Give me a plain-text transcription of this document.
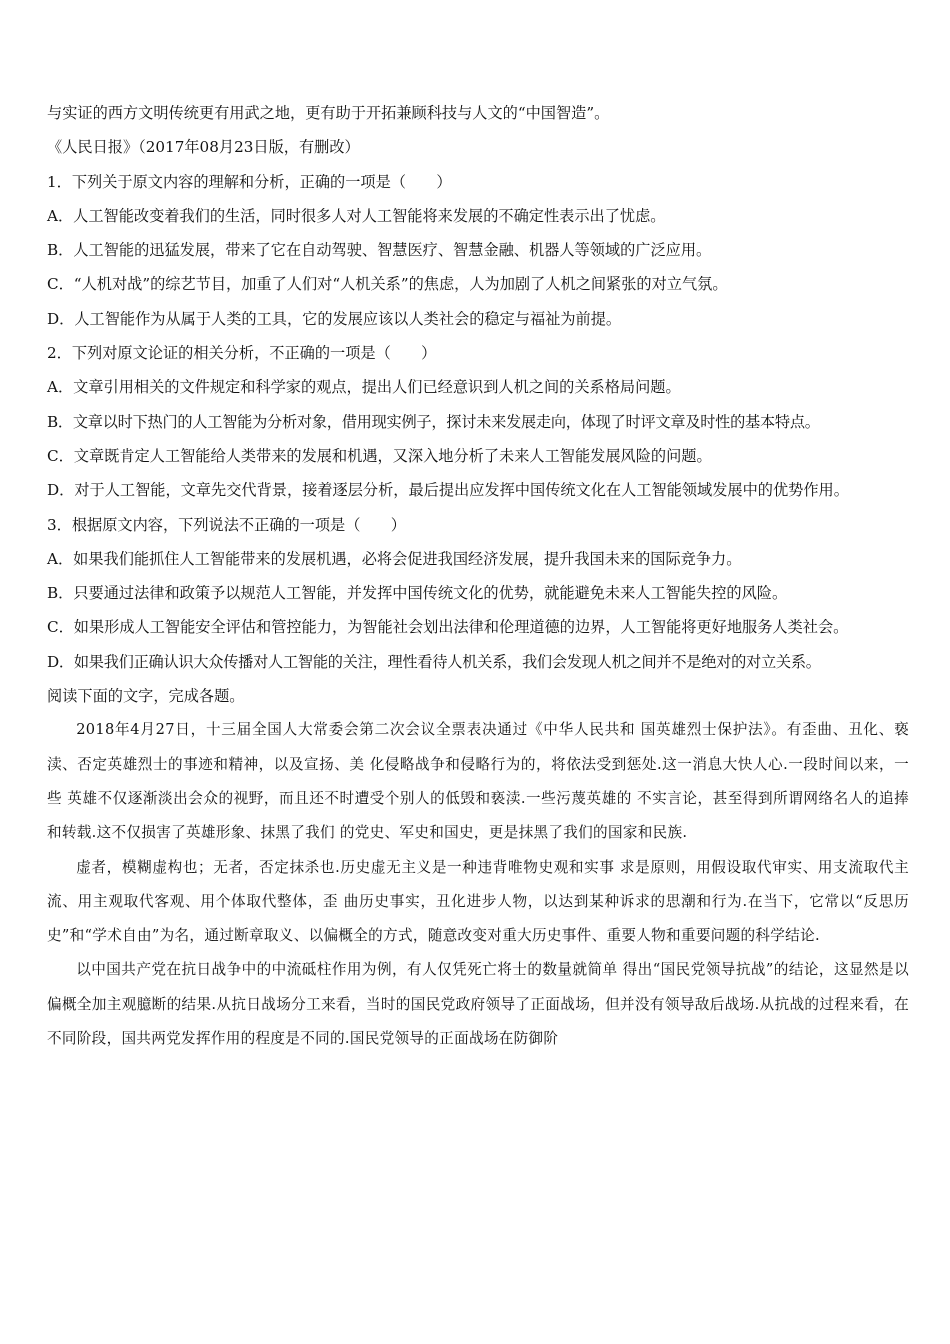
与实证的西方文明传统更有用武之地，更有助于开拓兼顾科技与人文的“中国智造”。
《人民日报》（2017年08月23日版，有删改）
1．下列关于原文内容的理解和分析，正确的一项是（　　）
A．人工智能改变着我们的生活，同时很多人对人工智能将来发展的不确定性表示出了忧虑。
B．人工智能的迅猛发展，带来了它在自动驾驶、智慧医疗、智慧金融、机器人等领域的广泛应用。
C．“人机对战”的综艺节目，加重了人们对“人机关系”的焦虑，人为加剧了人机之间紧张的对立气氛。
D．人工智能作为从属于人类的工具，它的发展应该以人类社会的稳定与福祉为前提。
2．下列对原文论证的相关分析，不正确的一项是（　　）
A．文章引用相关的文件规定和科学家的观点，提出人们已经意识到人机之间的关系格局问题。
B．文章以时下热门的人工智能为分析对象，借用现实例子，探讨未来发展走向，体现了时评文章及时性的基本特点。
C．文章既肯定人工智能给人类带来的发展和机遇，又深入地分析了未来人工智能发展风险的问题。
D．对于人工智能，文章先交代背景，接着逐层分析，最后提出应发挥中国传统文化在人工智能领域发展中的优势作用。
3．根据原文内容，下列说法不正确的一项是（　　）
A．如果我们能抓住人工智能带来的发展机遇，必将会促进我国经济发展，提升我国未来的国际竞争力。
B．只要通过法律和政策予以规范人工智能，并发挥中国传统文化的优势，就能避免未来人工智能失控的风险。
C．如果形成人工智能安全评估和管控能力，为智能社会划出法律和伦理道德的边界，人工智能将更好地服务人类社会。
D．如果我们正确认识大众传播对人工智能的关注，理性看待人机关系，我们会发现人机之间并不是绝对的对立关系。
阅读下面的文字，完成各题。

2018年4月27日，十三届全国人大常委会第二次会议全票表决通过《中华人民共和 国英雄烈士保护法》。有歪曲、丑化、亵渎、否定英雄烈士的事迹和精神，以及宣扬、美 化侵略战争和侵略行为的，将依法受到惩处.这一消息大快人心.一段时间以来，一些 英雄不仅逐渐淡出会众的视野，而且还不时遭受个别人的低毁和亵渎.一些污蔑英雄的 不实言论，甚至得到所谓网络名人的追捧和转载.这不仅损害了英雄形象、抹黑了我们 的党史、军史和国史，更是抹黑了我们的国家和民族.

虚者，模糊虚构也；无者，否定抹杀也.历史虚无主义是一种违背唯物史观和实事 求是原则，用假设取代审实、用支流取代主流、用主观取代客观、用个体取代整体，歪 曲历史事实，丑化进步人物，以达到某种诉求的思潮和行为.在当下，它常以“反思历 史”和“学术自由”为名，通过断章取义、以偏概全的方式，随意改变对重大历史事件、重要人物和重要问题的科学结论.

以中国共产党在抗日战争中的中流砥柱作用为例，有人仅凭死亡将士的数量就简单 得出“国民党领导抗战”的结论，这显然是以偏概全加主观臆断的结果.从抗日战场分工来看，当时的国民党政府领导了正面战场，但并没有领导敌后战场.从抗战的过程来看，在不同阶段，国共两党发挥作用的程度是不同的.国民党领导的正面战场在防御阶
